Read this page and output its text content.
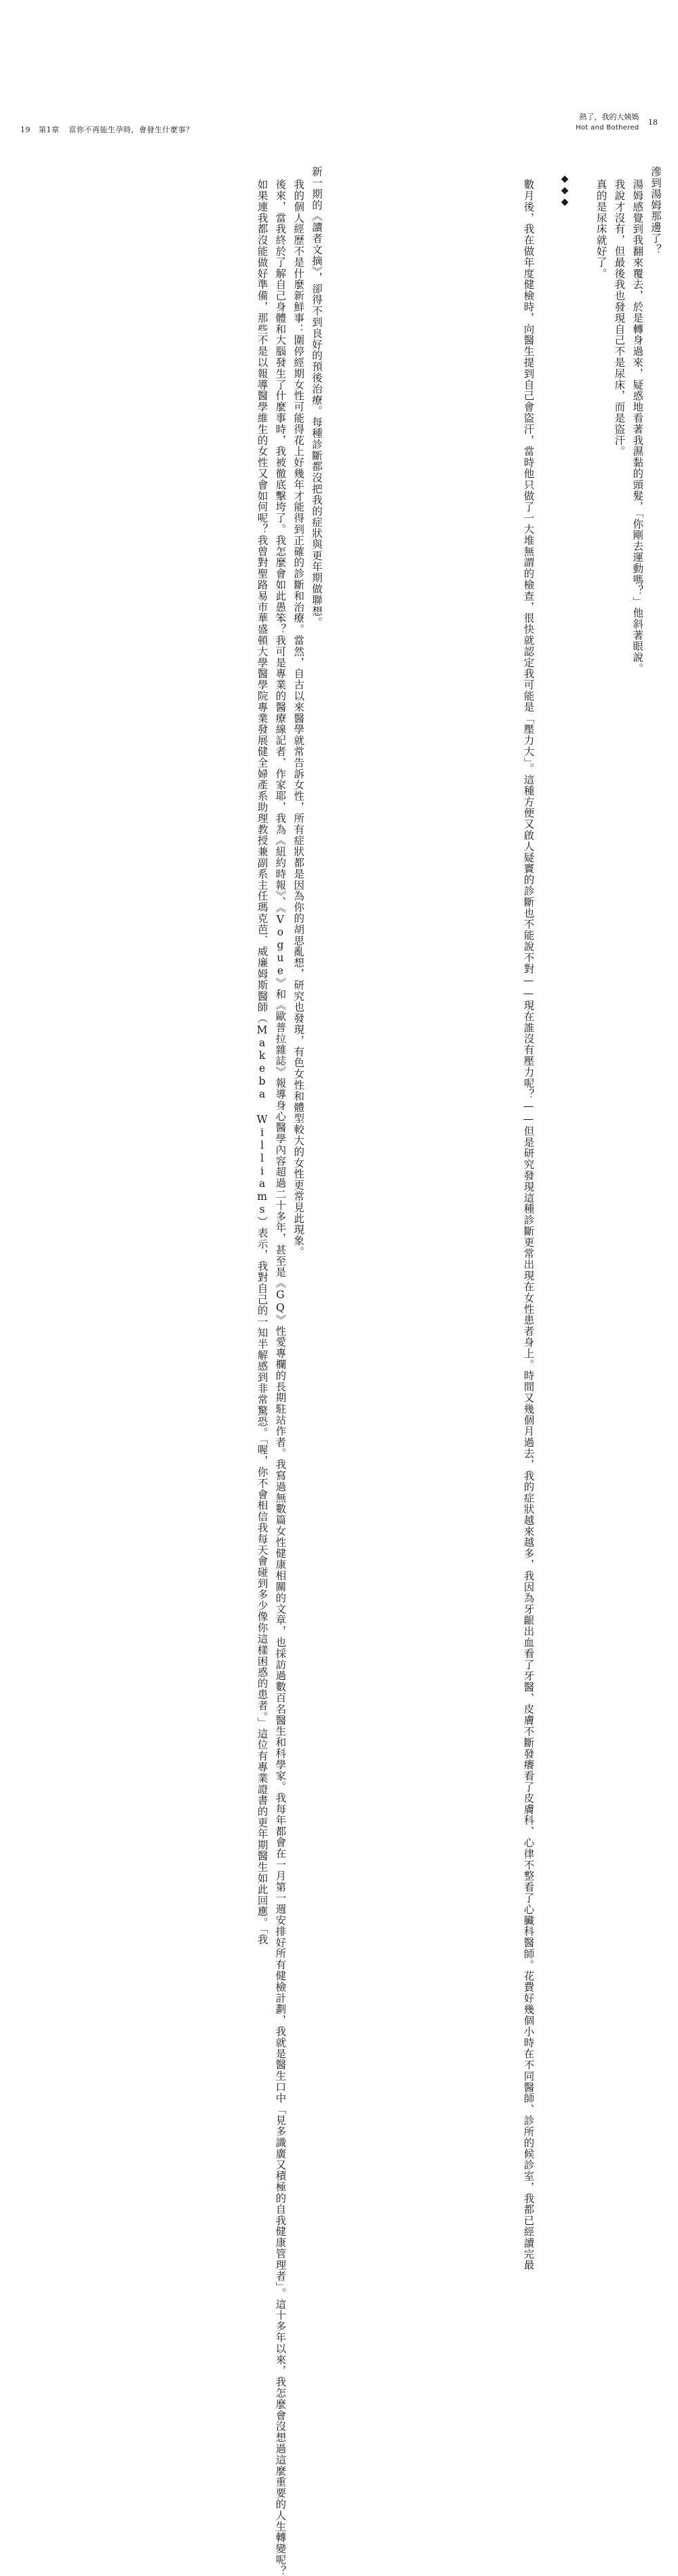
19 第1章 當你不再能生孕時，會發生什麼事？
新一期的《讀者文摘》，卻得不到良好的預後治療。每種診斷都沒把我的症狀與更年期做聯想。
我的個人經歷不是什麼新鮮事：圍停經期女性可能得花上好幾年才能得到正確的診斷和治療。當然，自古以來醫學就常告訴女性，所有症狀都是因為你的胡思亂想，研究也發現，有色女性和體型較大的女性更常見此現象。
後來，當我終於了解自己身體和大腦發生了什麼事時，我被徹底擊垮了。我怎麼會如此愚笨？我可是專業的醫療線記者、作家耶，我為《紐約時報》、《Vogue》和《歐普拉雜誌》報導身心醫學內容超過二十多年，甚至是《GQ》性愛專欄的長期駐站作者。我寫過無數篇女性健康相關的文章，也採訪過數百名醫生和科學家。我每年都會在一月第一週安排好所有健檢計劃，我就是醫生口中「見多識廣又積極的自我健康管理者」。這十多年以來，我怎麼會沒想過這麼重要的人生轉變呢？
如果連我都沒能做好準備，那些不是以報導醫學維生的女性又會如何呢？我曾對聖路易市華盛頓大學醫學院專業發展健全婦產系助理教授兼副系主任瑪克芭．威廉姆斯醫師（Makeba Williams）表示，我對自己的一知半解感到非常驚恐。「喔，你不會相信我每天會碰到多少像你這樣困惑的患者。」這位有專業證書的更年期醫生如此回應。「我
熱了，我的大姨媽
Hot and Bothered
18
滲到湯姆那邊了？
湯姆感覺到我翻來覆去，於是轉身過來，疑惑地看著我濕黏的頭髮，「你剛去運動嗎？」他斜著眼說。
我說才沒有，但最後我也發現自己不是尿床，而是盜汗。
真的是尿床就好了。

◆◆◆

數月後，我在做年度健檢時，向醫生提到自己會盜汗，當時他只做了一大堆無謂的檢查，很快就認定我可能是「壓力大」。這種方便又啟人疑竇的診斷也不能說不對——現在誰沒有壓力呢？——但是研究發現這種診斷更常出現在女性患者身上。時間又幾個月過去，我的症狀越來越多，我因為牙齦出血看了牙醫、皮膚不斷發癢看了皮膚科、心律不整看了心臟科醫師。花費好幾個小時在不同醫師、診所的候診室，我都已經讀完最
